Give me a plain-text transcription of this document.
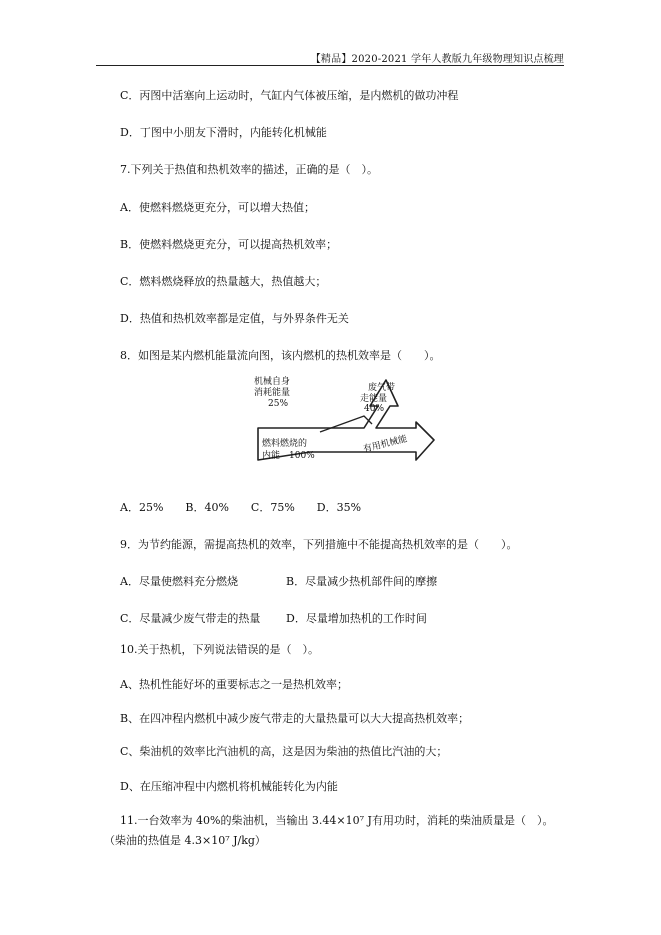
【精品】2020-2021 学年人教版九年级物理知识点梳理
C．丙图中活塞向上运动时，气缸内气体被压缩，是内燃机的做功冲程
D．丁图中小朋友下滑时，内能转化机械能
7.下列关于热值和热机效率的描述，正确的是（　）。
A．使燃料燃烧更充分，可以增大热值；
B．使燃料燃烧更充分，可以提高热机效率；
C．燃料燃烧释放的热量越大，热值越大；
D．热值和热机效率都是定值，与外界条件无关
8．如图是某内燃机能量流向图，该内燃机的热机效率是（　　）。
机械自身
消耗能量
25%
废气带
走能量
40%
燃料燃烧的
内能　100%
有用机械能
A．25%　　B．40%　　C．75%　　D．35%
9．为节约能源，需提高热机的效率，下列措施中不能提高热机效率的是（　　）。
A．尽量使燃料充分燃烧	B．尽量减少热机部件间的摩擦
C．尽量减少废气带走的热量 D．尽量增加热机的工作时间
10.关于热机，下列说法错误的是（　）。
A、热机性能好坏的重要标志之一是热机效率；
B、在四冲程内燃机中减少废气带走的大量热量可以大大提高热机效率；
C、柴油机的效率比汽油机的高，这是因为柴油的热值比汽油的大；
D、在压缩冲程中内燃机将机械能转化为内能
11.一台效率为 40%的柴油机，当输出 3.44×10⁷ J有用功时，消耗的柴油质量是（　）。
（柴油的热值是 4.3×10⁷ J/kg）
